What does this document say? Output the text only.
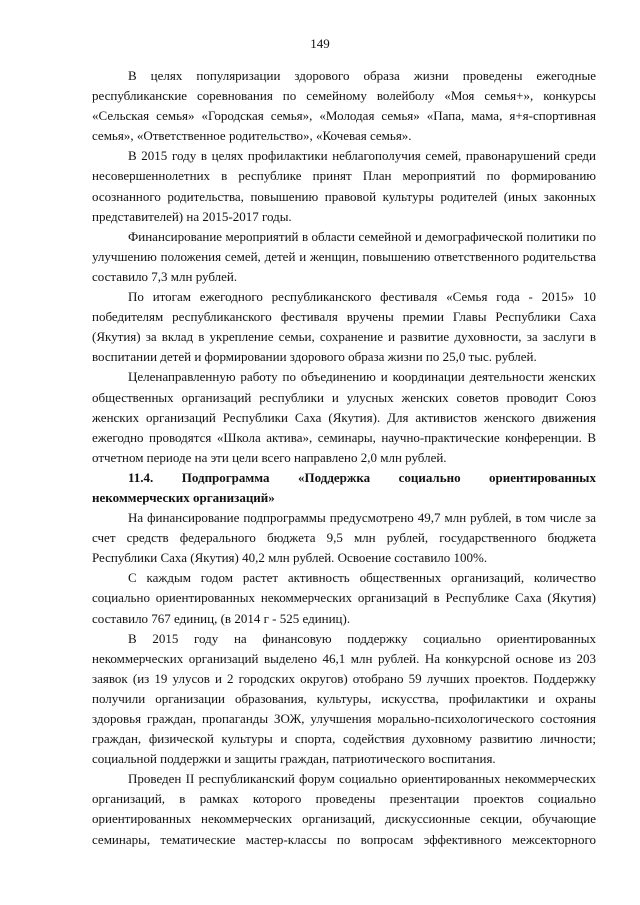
149

В целях популяризации здорового образа жизни проведены ежегодные республиканские соревнования по семейному волейболу «Моя семья+», конкурсы «Сельская семья» «Городская семья», «Молодая семья» «Папа, мама, я+я-спортивная семья», «Ответственное родительство», «Кочевая семья».

В 2015 году в целях профилактики неблагополучия семей, правонарушений среди несовершеннолетних в республике принят План мероприятий по формированию осознанного родительства, повышению правовой культуры родителей (иных законных представителей) на 2015-2017 годы.

Финансирование мероприятий в области семейной и демографической политики по улучшению положения семей, детей и женщин, повышению ответственного родительства составило 7,3 млн рублей.

По итогам ежегодного республиканского фестиваля «Семья года - 2015» 10 победителям республиканского фестиваля вручены премии Главы Республики Саха (Якутия) за вклад в укрепление семьи, сохранение и развитие духовности, за заслуги в воспитании детей и формировании здорового образа жизни по 25,0 тыс. рублей.

Целенаправленную работу по объединению и координации деятельности женских общественных организаций республики и улусных женских советов проводит Союз женских организаций Республики Саха (Якутия). Для активистов женского движения ежегодно проводятся «Школа актива», семинары, научно-практические конференции. В отчетном периоде на эти цели всего направлено 2,0 млн рублей.

11.4. Подпрограмма «Поддержка социально ориентированных
некоммерческих организаций»

На финансирование подпрограммы предусмотрено 49,7 млн рублей, в том числе за счет средств федерального бюджета 9,5 млн рублей, государственного бюджета Республики Саха (Якутия) 40,2 млн рублей. Освоение составило 100%.

С каждым годом растет активность общественных организаций, количество социально ориентированных некоммерческих организаций в Республике Саха (Якутия) составило 767 единиц, (в 2014 г - 525 единиц).

В 2015 году на финансовую поддержку социально ориентированных некоммерческих организаций выделено 46,1 млн рублей. На конкурсной основе из 203 заявок (из 19 улусов и 2 городских округов) отобрано 59 лучших проектов. Поддержку получили организации образования, культуры, искусства, профилактики и охраны здоровья граждан, пропаганды ЗОЖ, улучшения морально-психологического состояния граждан, физической культуры и спорта, содействия духовному развитию личности; социальной поддержки и защиты граждан, патриотического воспитания.

Проведен II республиканский форум социально ориентированных некоммерческих организаций, в рамках которого проведены презентации проектов социально ориентированных некоммерческих организаций, дискуссионные секции, обучающие семинары, тематические мастер-классы по вопросам эффективного межсекторного
